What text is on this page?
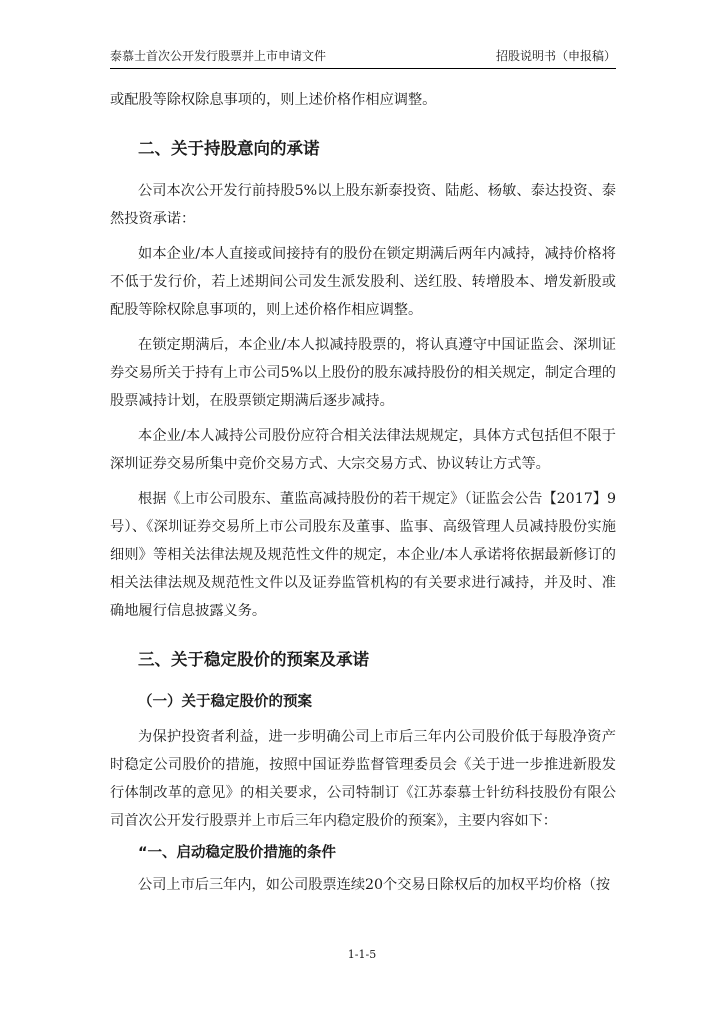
泰慕士首次公开发行股票并上市申请文件	招股说明书（申报稿）

或配股等除权除息事项的，则上述价格作相应调整。

二、关于持股意向的承诺

公司本次公开发行前持股5%以上股东新泰投资、陆彪、杨敏、泰达投资、泰然投资承诺：

如本企业/本人直接或间接持有的股份在锁定期满后两年内减持，减持价格将不低于发行价，若上述期间公司发生派发股利、送红股、转增股本、增发新股或配股等除权除息事项的，则上述价格作相应调整。

在锁定期满后，本企业/本人拟减持股票的，将认真遵守中国证监会、深圳证券交易所关于持有上市公司5%以上股份的股东减持股份的相关规定，制定合理的股票减持计划，在股票锁定期满后逐步减持。

本企业/本人减持公司股份应符合相关法律法规规定，具体方式包括但不限于深圳证券交易所集中竞价交易方式、大宗交易方式、协议转让方式等。

根据《上市公司股东、董监高减持股份的若干规定》（证监会公告【2017】9号）、《深圳证券交易所上市公司股东及董事、监事、高级管理人员减持股份实施细则》等相关法律法规及规范性文件的规定，本企业/本人承诺将依据最新修订的相关法律法规及规范性文件以及证券监管机构的有关要求进行减持，并及时、准确地履行信息披露义务。

三、关于稳定股价的预案及承诺
（一）关于稳定股价的预案

为保护投资者利益，进一步明确公司上市后三年内公司股价低于每股净资产时稳定公司股价的措施，按照中国证券监督管理委员会《关于进一步推进新股发行体制改革的意见》的相关要求，公司特制订《江苏泰慕士针纺科技股份有限公司首次公开发行股票并上市后三年内稳定股价的预案》，主要内容如下：

“一、启动稳定股价措施的条件

公司上市后三年内，如公司股票连续20个交易日除权后的加权平均价格（按

1-1-5
